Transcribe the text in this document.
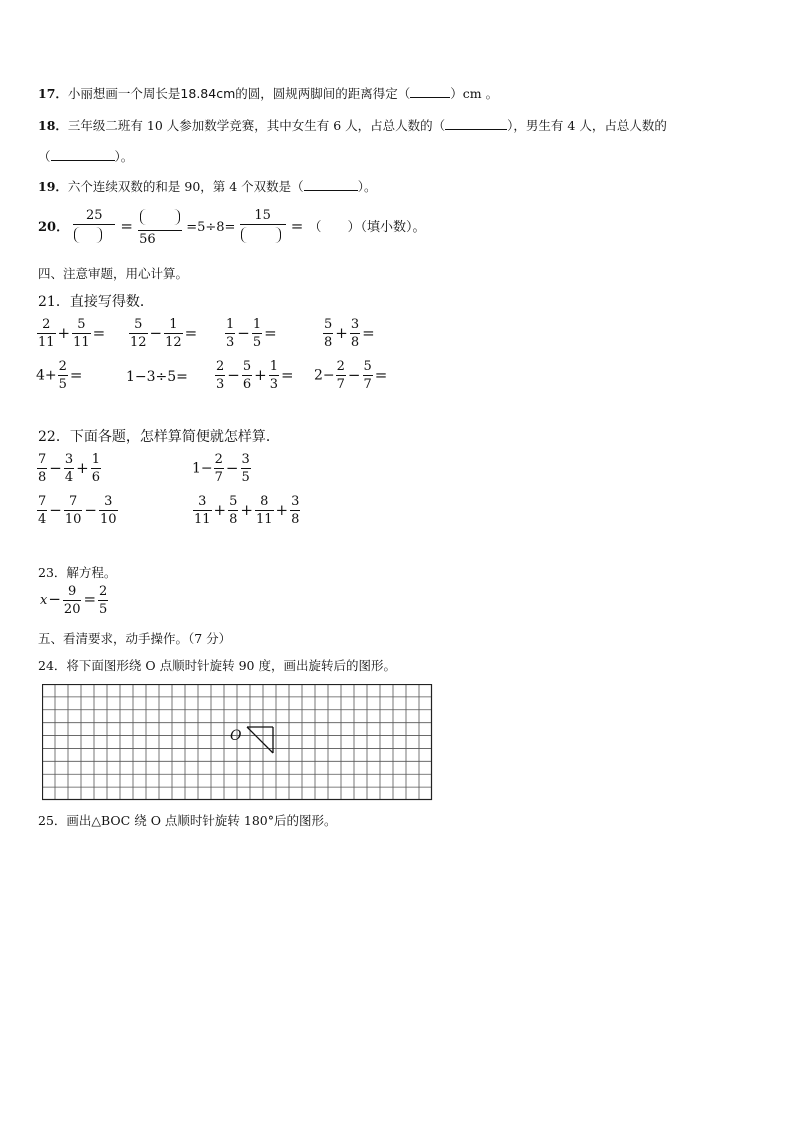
17．小丽想画一个周长是18.84cm的圆，圆规两脚间的距离得定（	）cm 。
18．三年级二班有 10 人参加数学竞赛，其中女生有 6 人，占总人数的（	），男生有 4 人，占总人数的
（	）。
19．六个连续双数的和是 90，第 4 个双数是（	）。
20．
25
=
56
=5÷8=
15
= （　　）（填小数）。
四、注意审题，用心计算。
21．直接写得数．
$\frac{2}{11} + \frac{5}{11} = \frac{5}{12} - \frac{1}{12} = \frac{1}{3} - \frac{1}{5}$ =	$\frac{5}{8} + \frac{3}{8}$ =
$4+ \frac{2}{5}$ =	$1-3\div 5= \frac{2}{3} - \frac{5}{6} + \frac{1}{3} = 2- \frac{2}{7} - \frac{5}{7}$ =
22．下面各题，怎样算简便就怎样算．
$\frac{7}{8} - \frac{3}{4} + \frac{1}{6}$	$1- \frac{2}{7} - \frac{3}{5}$
$\frac{7}{4} - \frac{7}{10} - \frac{3}{10}$	$\frac{3}{11} + \frac{5}{8} + \frac{8}{11} + \frac{3}{8}$
23．解方程。
$x- \frac{9}{20} = \frac{2}{5}$
五、看清要求，动手操作。（7 分）
24．将下面图形绕 O 点顺时针旋转 90 度，画出旋转后的图形。
O
25．画出△BOC 绕 O 点顺时针旋转 180°后的图形。
